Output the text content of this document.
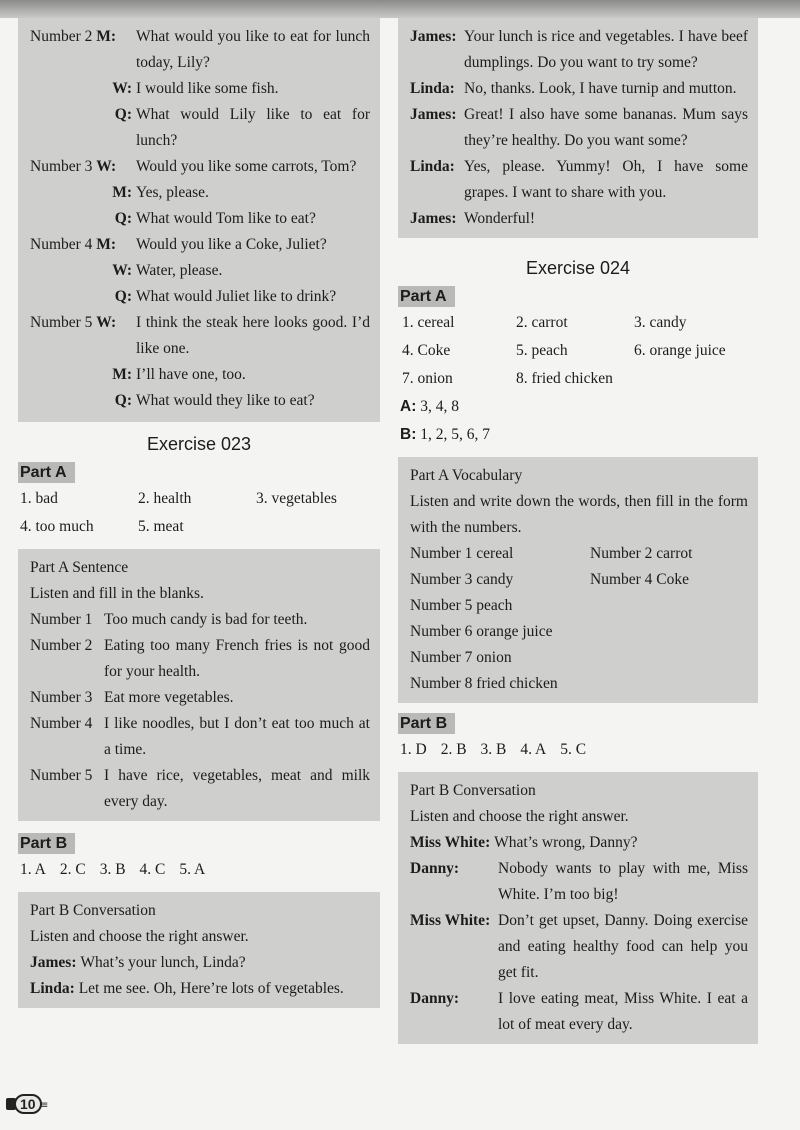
Number 2 M:	What would you like to eat for lunch today, Lily?
W: I would like some fish.
Q: What would Lily like to eat for lunch?
Number 3 W:	Would you like some carrots, Tom?
M: Yes, please.
Q: What would Tom like to eat?
Number 4 M:	Would you like a Coke, Juliet?
W: Water, please.
Q: What would Juliet like to drink?
Number 5 W:	I think the steak here looks good. I’d like one.
M: I’ll have one, too.
Q: What would they like to eat?
Exercise 023
Part A
1. bad	2. health	3. vegetables
4. too much	5. meat
Part A Sentence
Listen and fill in the blanks.
Number 1 Too much candy is bad for teeth.
Number 2 Eating too many French fries is not good for your health.
Number 3 Eat more vegetables.
Number 4 I like noodles, but I don’t eat too much at a time.
Number 5 I have rice, vegetables, meat and milk every day.
Part B
1. A 2. C 3. B 4. C 5. A
Part B Conversation
Listen and choose the right answer.
James:
What’s your lunch, Linda?
Linda:
Let me see. Oh, Here’re lots of vegetables.
James: Your lunch is rice and vegetables. I have beef dumplings. Do you want to try some?
Linda: No, thanks. Look, I have turnip and mutton.
James: Great! I also have some bananas. Mum says they’re healthy. Do you want some?
Linda: Yes, please. Yummy! Oh, I have some grapes. I want to share with you.
James: Wonderful!
Exercise 024
Part A
1. cereal	2. carrot	3. candy
4. Coke	5. peach	6. orange juice
7. onion	8. fried chicken
A: 3, 4, 8
B: 1, 2, 5, 6, 7
Part A Vocabulary
Listen and write down the words, then fill in the form with the numbers.
Number 1 cereal	Number 2 carrot
Number 3 candy	Number 4 Coke
Number 5 peach
Number 6 orange juice
Number 7 onion
Number 8 fried chicken
Part B
1. D 2. B 3. B 4. A 5. C
Part B Conversation
Listen and choose the right answer.
Miss White:
What’s wrong, Danny?
Danny:	Nobody wants to play with me, Miss White. I’m too big!
Miss White: Don’t get upset, Danny. Doing exercise and eating healthy food can help you get fit.
Danny:	I love eating meat, Miss White. I eat a lot of meat every day.
10 ≡
